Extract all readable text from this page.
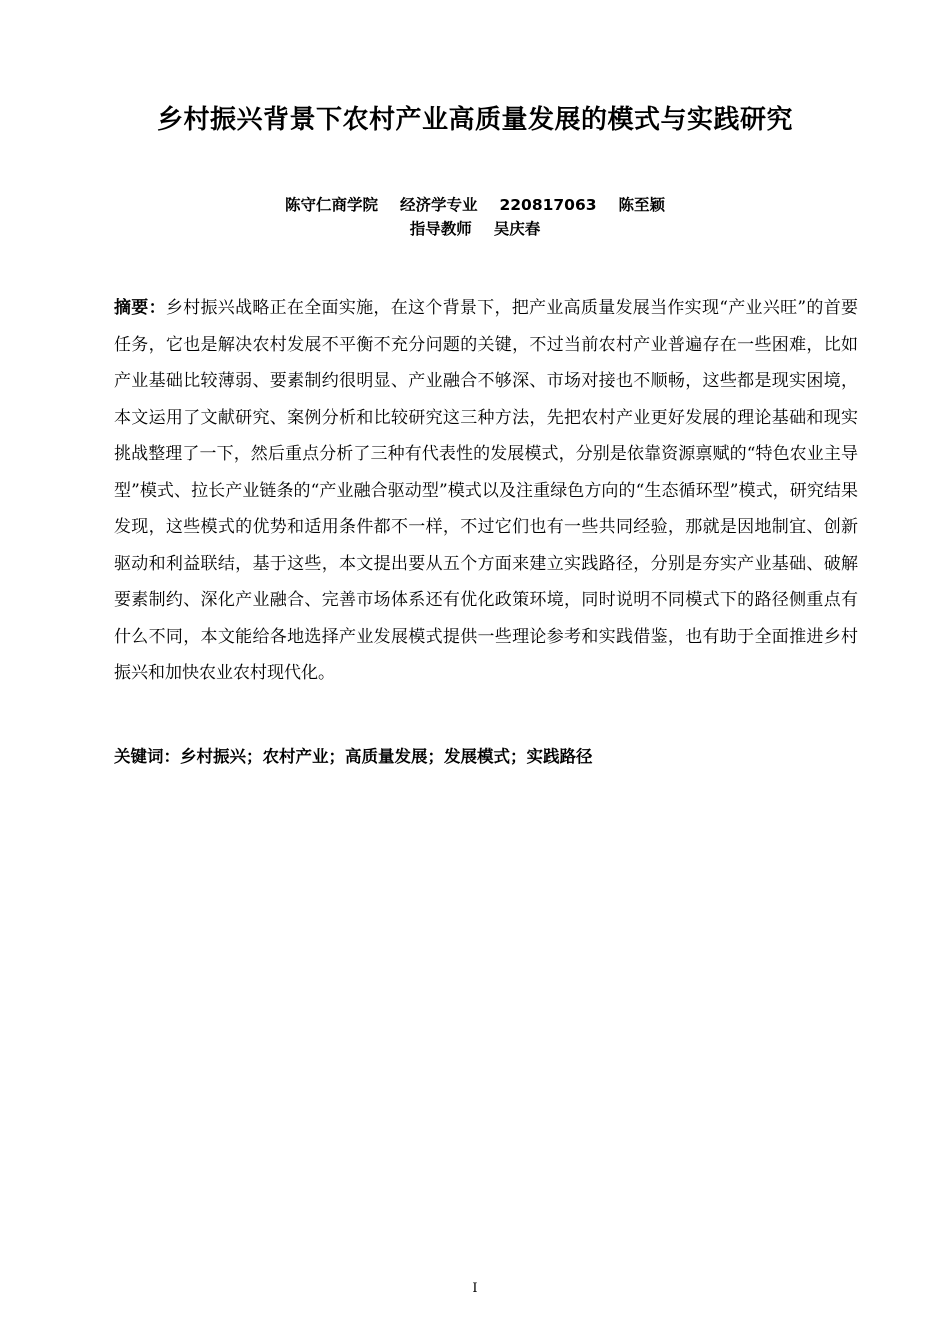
乡村振兴背景下农村产业高质量发展的模式与实践研究
陈守仁商学院 经济学专业 220817063 陈至颖
指导教师 吴庆春
摘要：乡村振兴战略正在全面实施，在这个背景下，把产业高质量发展当作实现“产业兴旺”的首要任务，它也是解决农村发展不平衡不充分问题的关键，不过当前农村产业普遍存在一些困难，比如产业基础比较薄弱、要素制约很明显、产业融合不够深、市场对接也不顺畅，这些都是现实困境，本文运用了文献研究、案例分析和比较研究这三种方法，先把农村产业更好发展的理论基础和现实挑战整理了一下，然后重点分析了三种有代表性的发展模式，分别是依靠资源禀赋的“特色农业主导型”模式、拉长产业链条的“产业融合驱动型”模式以及注重绿色方向的“生态循环型”模式，研究结果发现，这些模式的优势和适用条件都不一样，不过它们也有一些共同经验，那就是因地制宜、创新驱动和利益联结，基于这些，本文提出要从五个方面来建立实践路径，分别是夯实产业基础、破解要素制约、深化产业融合、完善市场体系还有优化政策环境，同时说明不同模式下的路径侧重点有什么不同，本文能给各地选择产业发展模式提供一些理论参考和实践借鉴，也有助于全面推进乡村振兴和加快农业农村现代化。
关键词：乡村振兴；农村产业；高质量发展；发展模式；实践路径
I
